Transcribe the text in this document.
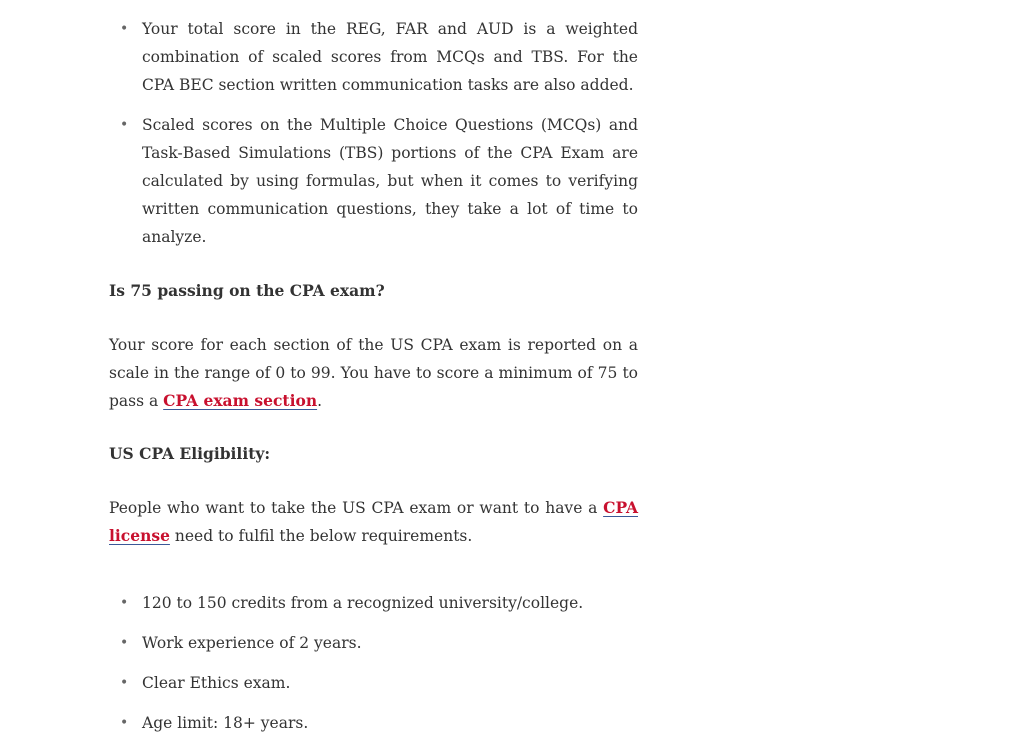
• Your total score in the REG, FAR and AUD is a weighted combination of scaled scores from MCQs and TBS. For the CPA BEC section written communication tasks are also added.
• Scaled scores on the Multiple Choice Questions (MCQs) and Task-Based Simulations (TBS) portions of the CPA Exam are calculated by using formulas, but when it comes to verifying written communication questions, they take a lot of time to analyze.
Is 75 passing on the CPA exam?

Your score for each section of the US CPA exam is reported on a scale in the range of 0 to 99. You have to score a minimum of 75 to pass a CPA exam section.

US CPA Eligibility:

People who want to take the US CPA exam or want to have a CPA license need to fulfil the below requirements.

• 120 to 150 credits from a recognized university/college.
• Work experience of 2 years.
• Clear Ethics exam.
• Age limit: 18+ years.
